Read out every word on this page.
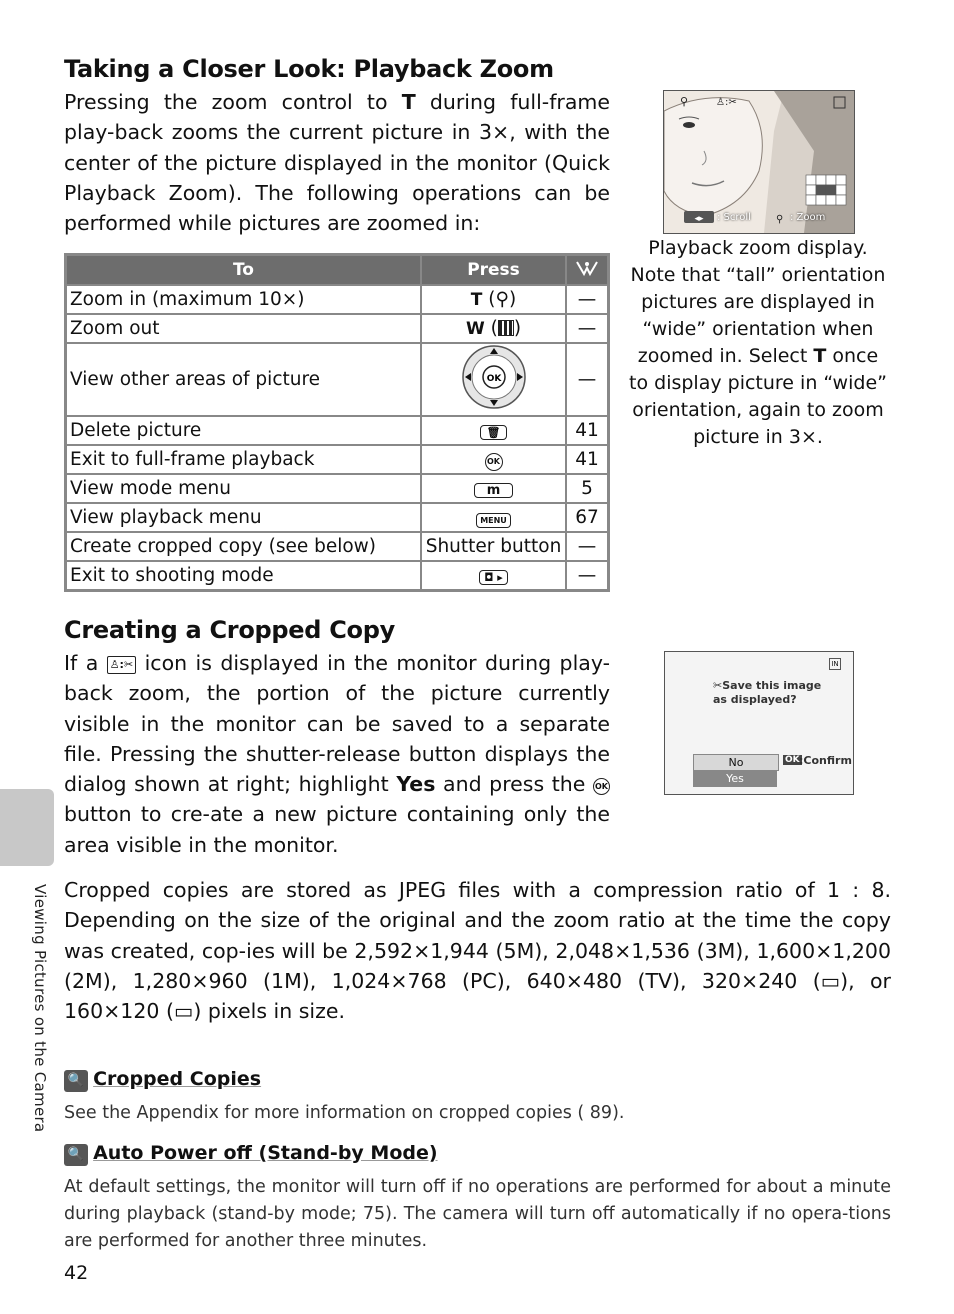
Taking a Closer Look: Playback Zoom
Pressing the zoom control to T during full-frame play-back zooms the current picture in 3×, with the center of the picture displayed in the monitor (Quick Playback Zoom). The following operations can be performed while pictures are zoomed in:
To	Press	
Zoom in (maximum 10×)	T (⚲)	—
Zoom out	W ( )	—
View other areas of picture	OK	—
Delete picture	🗑	41
Exit to full-frame playback	OK	41
View mode menu	m	5
View playback menu	MENU	67
Create cropped copy (see below)	Shutter button	—
Exit to shooting mode	◘ ▸	—
⚲	♙:✂
◂▸	⚲
: Scroll	: Zoom
Playback zoom display. Note that “tall” orientation pictures are displayed in “wide” orientation when zoomed in. Select T once to display picture in “wide” orientation, again to zoom picture in 3×.
Creating a Cropped Copy
If a ♙:✂ icon is displayed in the monitor during play-back zoom, the portion of the picture currently visible in the monitor can be saved to a separate file. Pressing the shutter-release button displays the dialog shown at right; highlight Yes and press the OK button to cre-ate a new picture containing only the area visible in the monitor.
IN
✂Save this image
as displayed?
No
Yes
OK :Confirm
Cropped copies are stored as JPEG files with a compression ratio of 1 : 8. Depending on the size of the original and the zoom ratio at the time the copy was created, cop-ies will be 2,592×1,944 (5M), 2,048×1,536 (3M), 1,600×1,200 (2M), 1,280×960 (1M), 1,024×768 (PC), 640×480 (TV), 320×240 (▭), or 160×120 (▭) pixels in size.
Viewing Pictures on the Camera	🔍 Cropped Copies
See the Appendix for more information on cropped copies ( 89).
🔍 Auto Power off (Stand-by Mode)
At default settings, the monitor will turn off if no operations are performed for about a minute during playback (stand-by mode; 75). The camera will turn off automatically if no opera-tions are performed for another three minutes.
42
